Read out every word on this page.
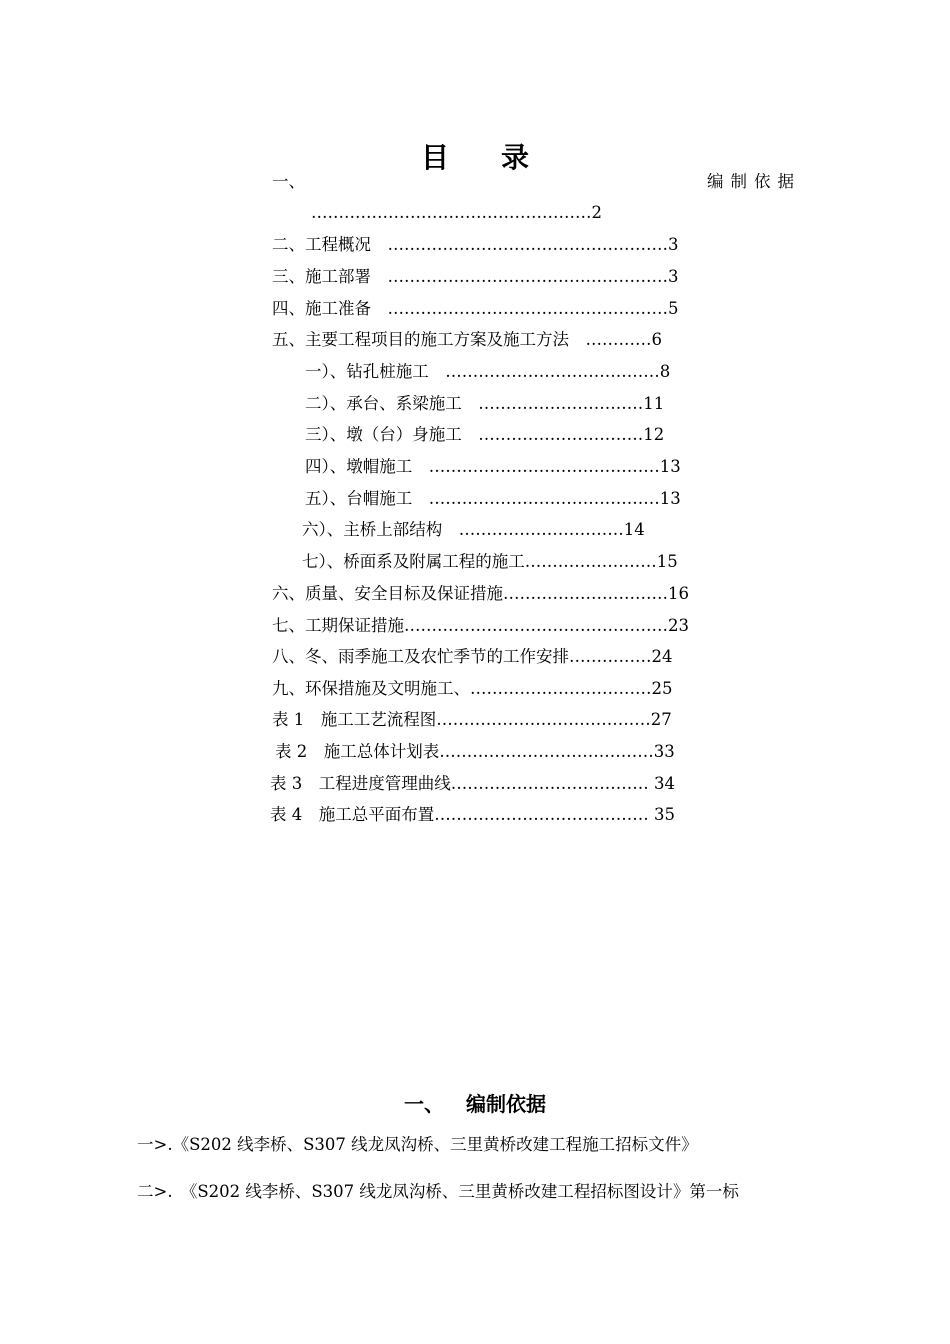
目录
一、	编制依据
……………………………………………2
二、工程概况　……………………………………………3
三、施工部署　……………………………………………3
四、施工准备　……………………………………………5
五、主要工程项目的施工方案及施工方法　…………6
一）、钻孔桩施工　…………………………………8
二）、承台、系梁施工　…………………………11
三）、墩（台）身施工　…………………………12
四）、墩帽施工　……………………………………13
五）、台帽施工　……………………………………13
六）、主桥上部结构　…………………………14
七）、桥面系及附属工程的施工……………………15
六、质量、安全目标及保证措施…………………………16
七、工期保证措施…………………………………………23
八、冬、雨季施工及农忙季节的工作安排……………24
九、环保措施及文明施工、……………………………25
表 1　施工工艺流程图…………………………………27
表 2　施工总体计划表…………………………………33
表 3　工程进度管理曲线……………………………… 34
表 4　施工总平面布置………………………………… 35
一、 编制依据
一>.《S202 线李桥、S307 线龙凤沟桥、三里黄桥改建工程施工招标文件》
二>.　《S202 线李桥、S307 线龙凤沟桥、三里黄桥改建工程招标图设计》第一标
